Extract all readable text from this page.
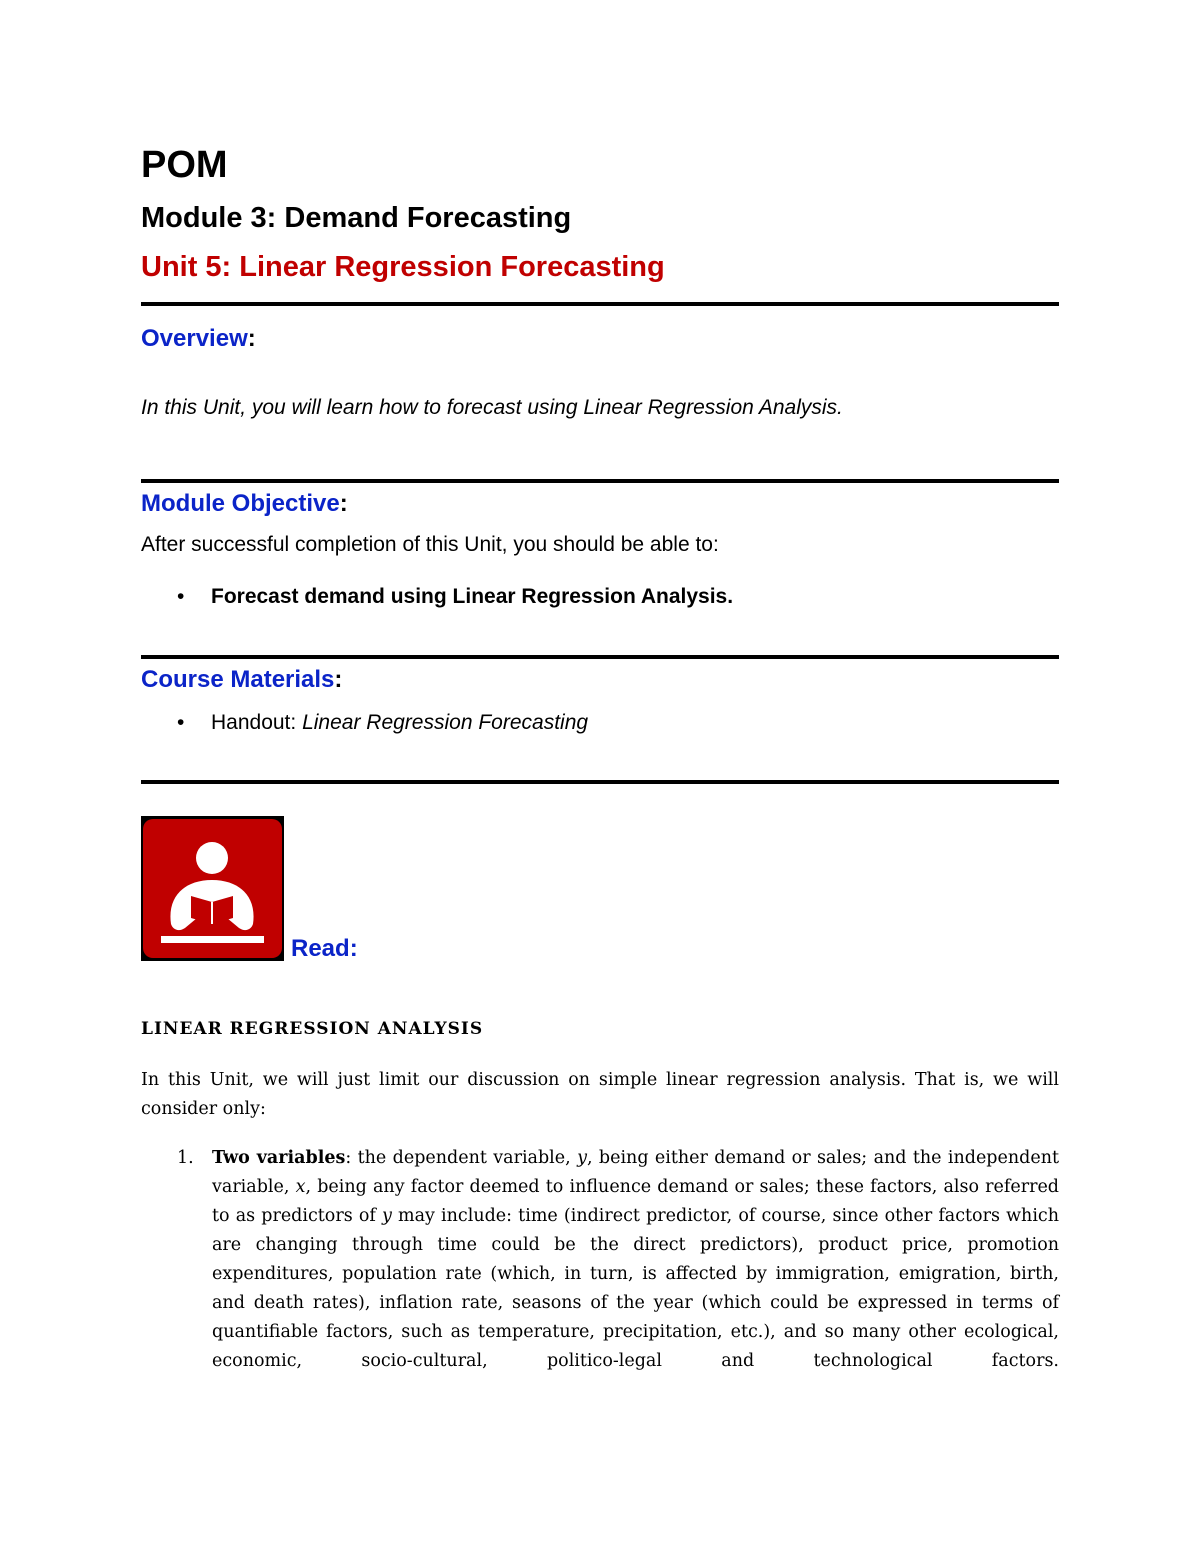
POM
Module 3: Demand Forecasting
Unit 5: Linear Regression Forecasting
Overview:

In this Unit, you will learn how to forecast using Linear Regression Analysis.

Module Objective:

After successful completion of this Unit, you should be able to:

• Forecast demand using Linear Regression Analysis.
Course Materials:
• Handout: Linear Regression Forecasting
Read:
LINEAR REGRESSION ANALYSIS

In this Unit, we will just limit our discussion on simple linear regression analysis. That is, we will consider only:

1. Two variables: the dependent variable, y, being either demand or sales; and the independent variable, x, being any factor deemed to influence demand or sales; these factors, also referred to as predictors of y may include: time (indirect predictor, of course, since other factors which are changing through time could be the direct predictors), product price, promotion expenditures, population rate (which, in turn, is affected by immigration, emigration, birth, and death rates), inflation rate, seasons of the year (which could be expressed in terms of quantifiable factors, such as temperature, precipitation, etc.), and so many other ecological, economic, socio-cultural, politico-legal and technological factors.
